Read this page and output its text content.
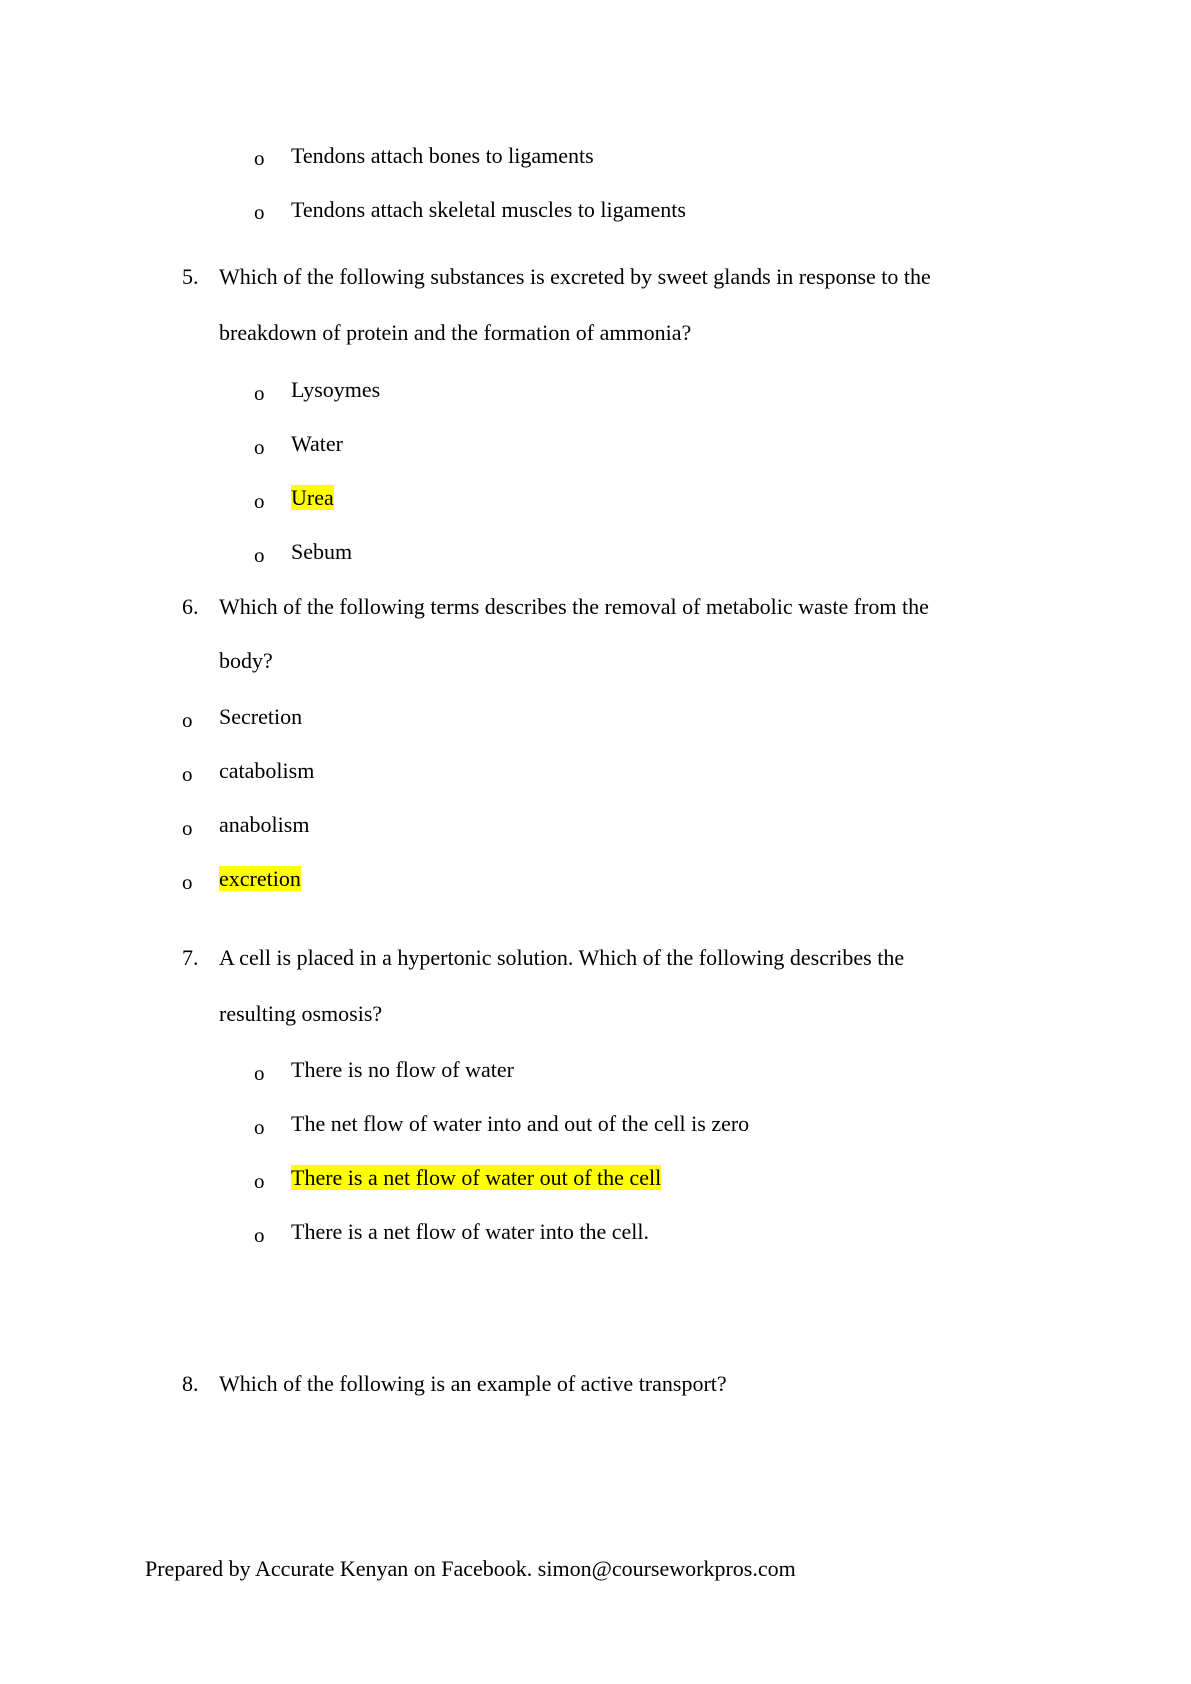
o Tendons attach bones to ligaments
o Tendons attach skeletal muscles to ligaments
5. Which of the following substances is excreted by sweet glands in response to the
breakdown of protein and the formation of ammonia?
o Lysoymes
o Water
o Urea
o Sebum
6. Which of the following terms describes the removal of metabolic waste from the
body?
o Secretion
o catabolism
o anabolism
o excretion
7. A cell is placed in a hypertonic solution. Which of the following describes the
resulting osmosis?
o There is no flow of water
o The net flow of water into and out of the cell is zero
o There is a net flow of water out of the cell
o There is a net flow of water into the cell.
8. Which of the following is an example of active transport?
Prepared by Accurate Kenyan on Facebook. simon@courseworkpros.com
